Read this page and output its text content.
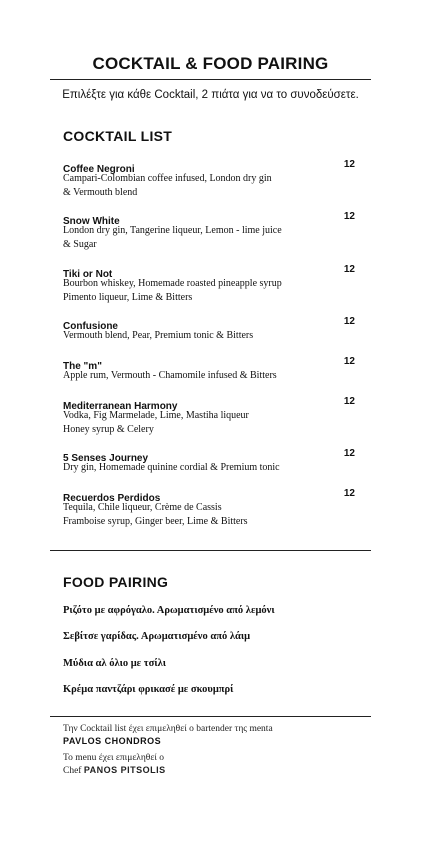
COCKTAIL & FOOD PAIRING
Επιλέξτε για κάθε Cocktail, 2 πιάτα για να το συνοδεύσετε.
COCKTAIL LIST
Coffee Negroni	12
Campari-Colombian coffee infused, London dry gin
& Vermouth blend
Snow White	12
London dry gin, Tangerine liqueur, Lemon - lime juice
& Sugar
Tiki or Not	12
Bourbon whiskey, Homemade roasted pineapple syrup
Pimento liqueur, Lime & Bitters
Confusione	12
Vermouth blend, Pear, Premium tonic & Bitters
The "m"	12
Apple rum, Vermouth - Chamomile infused & Bitters
Mediterranean Harmony	12
Vodka, Fig Marmelade, Lime, Mastiha liqueur
Honey syrup & Celery
5 Senses Journey	12
Dry gin, Homemade quinine cordial & Premium tonic
Recuerdos Perdidos	12
Tequila, Chile liqueur, Crème de Cassis
Framboise syrup, Ginger beer, Lime & Bitters
FOOD PAIRING
Ριζότο με αφρόγαλο. Αρωματισμένο από λεμόνι
Σεβίτσε γαρίδας. Αρωματισμένο από λάιμ
Μύδια αλ όλιο με τσίλι
Κρέμα παντζάρι φρικασέ με σκουμπρί
Την Cocktail list έχει επιμεληθεί ο bartender της menta
PAVLOS CHONDROS
Το menu έχει επιμεληθεί ο
Chef PANOS PITSOLIS
